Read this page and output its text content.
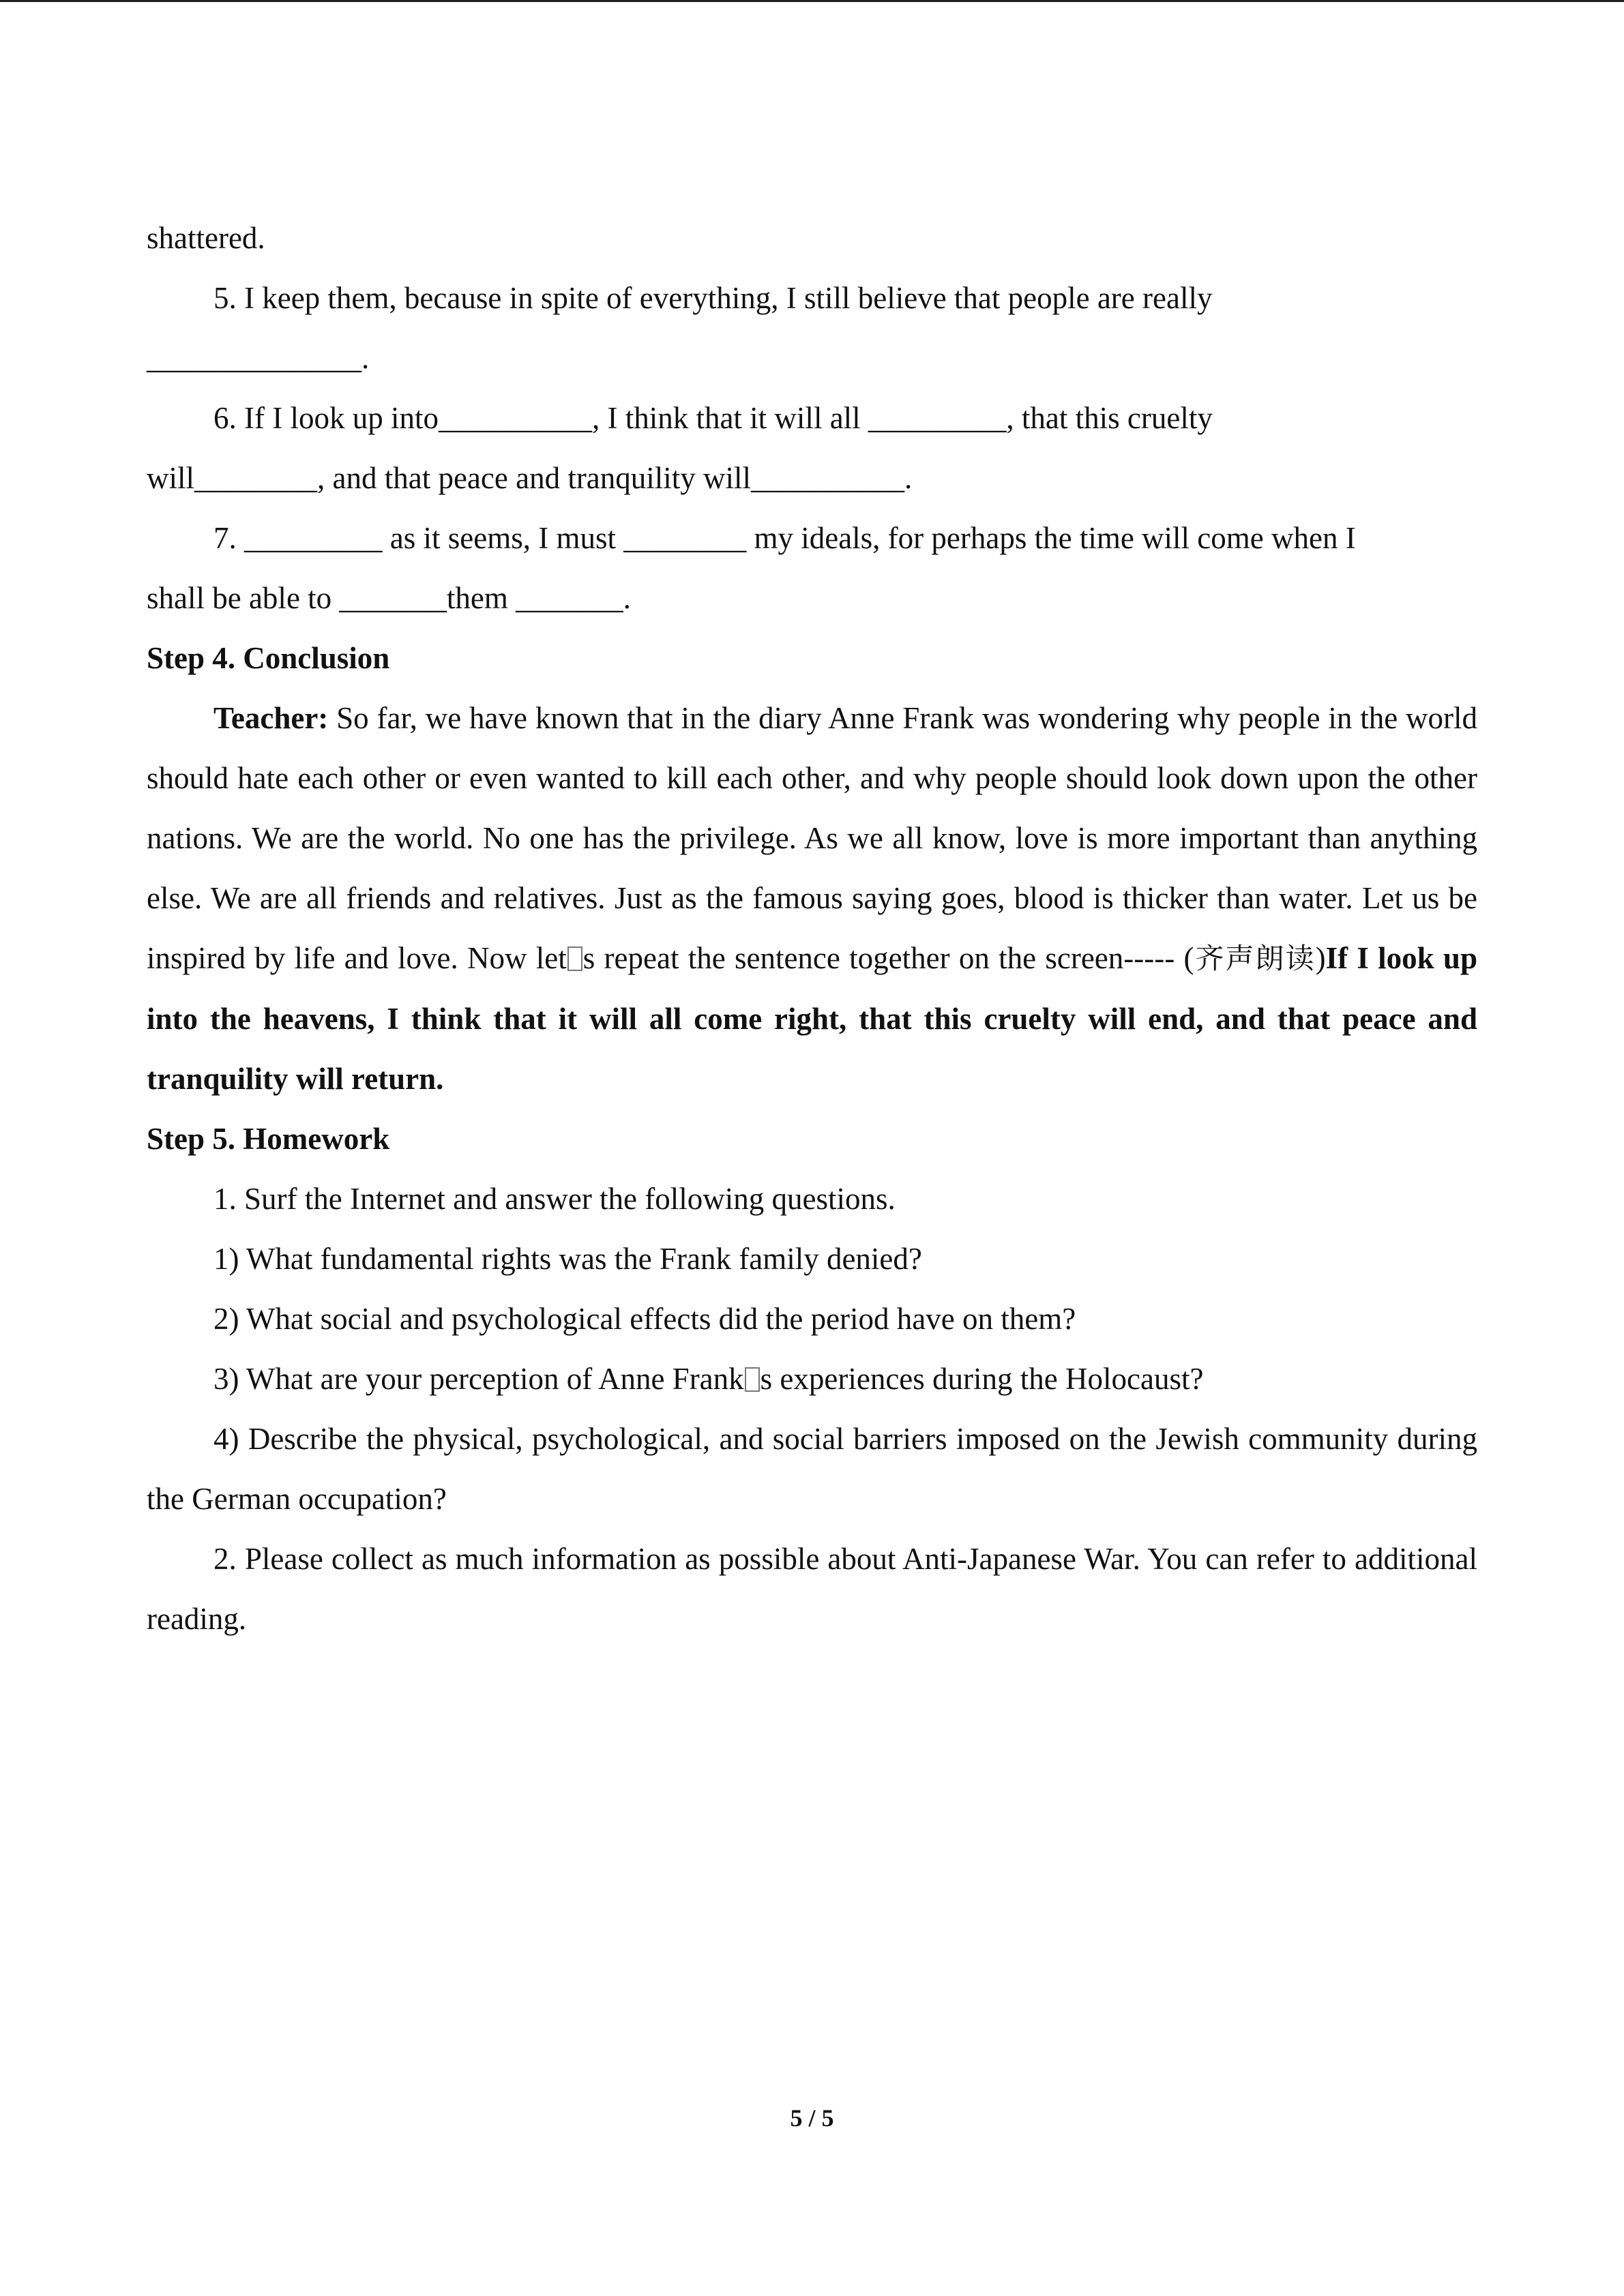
shattered.

5. I keep them, because in spite of everything, I still believe that people are really
______________.

6. If I look up into__________, I think that it will all _________, that this cruelty
will________, and that peace and tranquility will__________.

7. _________ as it seems, I must ________ my ideals, for perhaps the time will come when I
shall be able to _______them _______.

Step 4. Conclusion

Teacher: So far, we have known that in the diary Anne Frank was wondering why people in the world should hate each other or even wanted to kill each other, and why people should look down upon the other nations. We are the world. No one has the privilege. As we all know, love is more important than anything else. We are all friends and relatives. Just as the famous saying goes, blood is thicker than water. Let us be inspired by life and love. Now let s repeat the sentence together on the screen----- (齐声朗读)If I look up into the heavens, I think that it will all come right, that this cruelty will end, and that peace and tranquility will return.

Step 5. Homework

1. Surf the Internet and answer the following questions.

1) What fundamental rights was the Frank family denied?

2) What social and psychological effects did the period have on them?

3) What are your perception of Anne Frank s experiences during the Holocaust?

4) Describe the physical, psychological, and social barriers imposed on the Jewish community during the German occupation?

2. Please collect as much information as possible about Anti-Japanese War. You can refer to additional reading.

5 / 5
